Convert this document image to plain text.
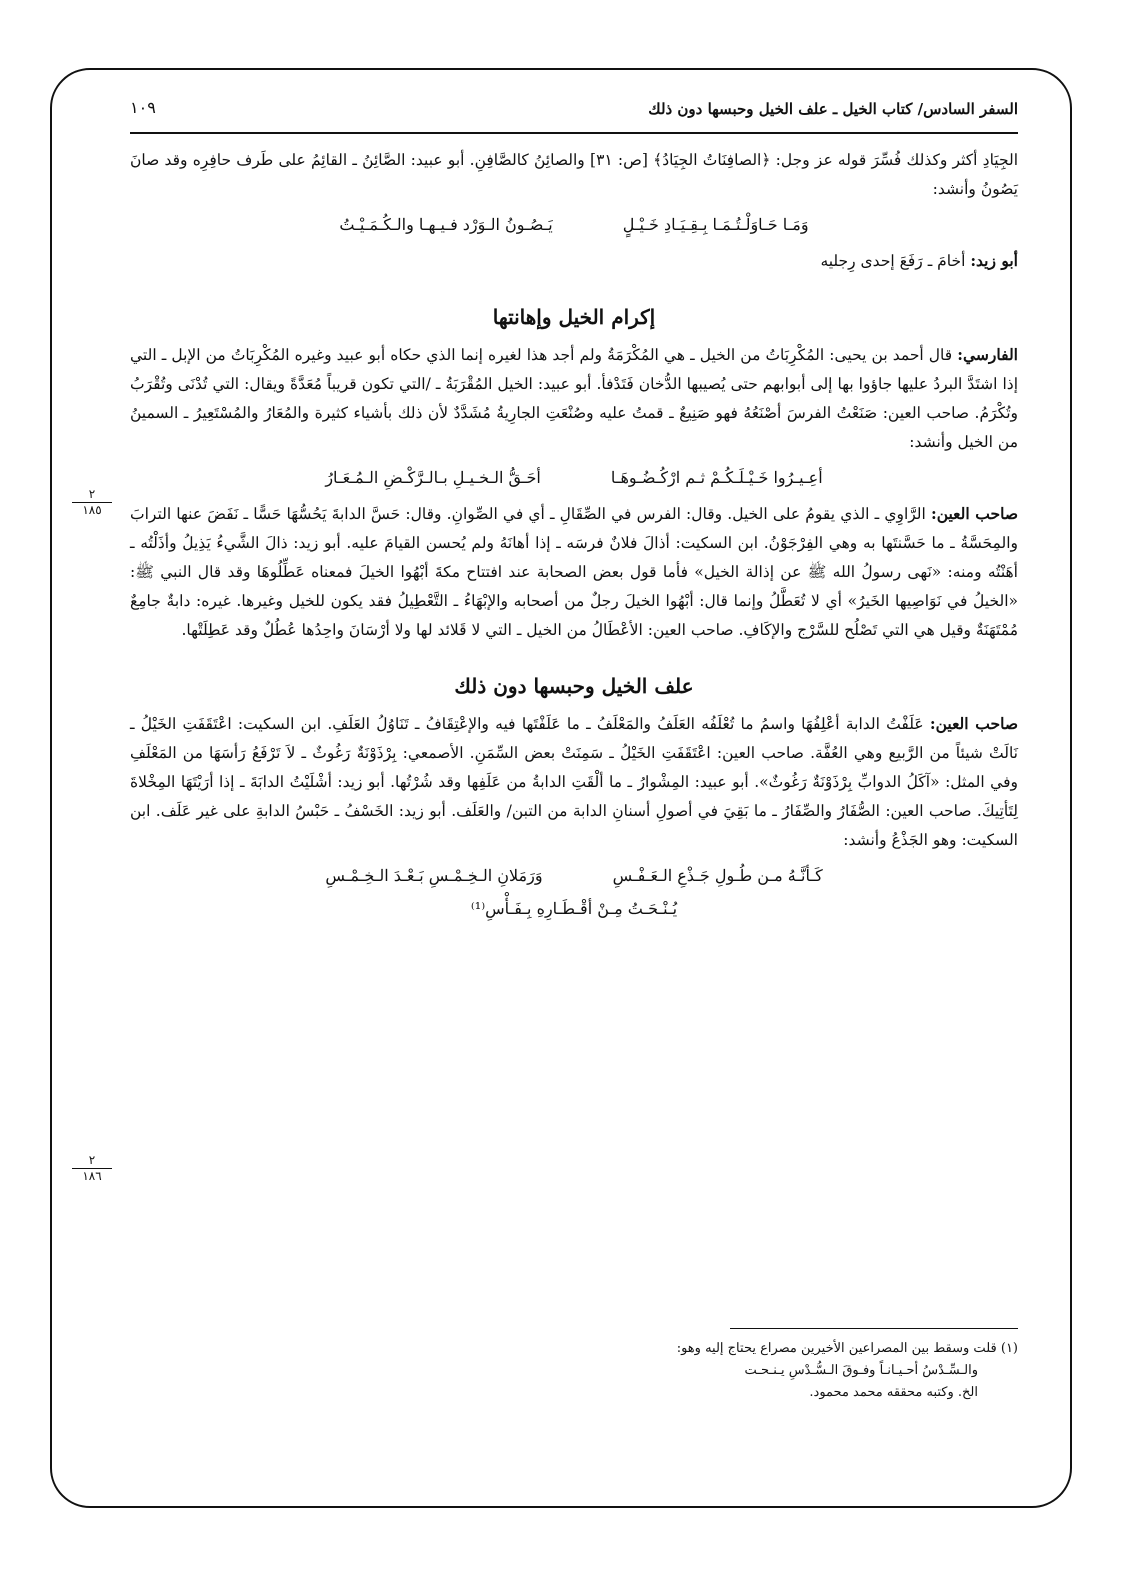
السفر السادس/ كتاب الخيل ـ علف الخيل وحبسها دون ذلك
١٠٩

الجِيَادِ أكثر وكذلك فُسِّرَ قوله عز وجل: ﴿الصافِنَاتُ الجِيَادُ﴾ [ص: ٣١] والصائِنُ كالصَّافِنِ. أبو عبيد: الصَّائِنُ ـ القائِمُ على طَرف حافِرِه وقد صانَ يَصُونُ وأنشد:

وَمَـا حَـاوَلْـتُـمَـا بِـقِـيَـادِ خَـيْـلٍ
يَـصُـونُ الـوَرْد فـيـهـا والـكُـمَـيْـتُ

أبو زيد: أخامَ ـ رَفَعَ إحدى رِجليه

إكرام الخيل وإهانتها

الفارسي: قال أحمد بن يحيى: المُكْرِبَاتُ من الخيل ـ هي المُكْرَمَةُ ولم أجد هذا لغيره إنما الذي حكاه أبو عبيد وغيره المُكْرِبَاتُ من الإبل ـ التي إذا اشتَدَّ البردُ عليها جاؤوا بها إلى أبوابهم حتى يُصيبها الدُّخان فَتَدْفأ. أبو عبيد: الخيل المُقْرَبَةُ ـ /التي تكون قريباً مُعَدَّةً ويقال: التي تُدْنَى وتُقْرَبُ وتُكْرَمُ. صاحب العين: صَنَعْتُ الفرسَ أصْنَعُهُ فهو صَنِيعٌ ـ قمتُ عليه وصُنْعَتِ الجارِيةُ مُشَدَّدٌ لأن ذلك بأشياء كثيرة والمُعَارُ والمُسْتَعِيرُ ـ السمينُ من الخيل وأنشد:

أعِـيـرُوا خَـيْـلَـكُـمْ ثـم ارْكُـضُـوهَـا
أحَـقُّ الـخـيـلِ بـالـرَّكْـضِ الـمُـعَـارُ

صاحب العين: الرَّاوِي ـ الذي يقومُ على الخيل. وقال: الفرس في الصِّقَالِ ـ أي في الصِّوانِ. وقال: حَسَّ الدابةَ يَحُسُّهَا حَسًّا ـ نَفَضَ عنها الترابَ والمِحَسَّةُ ـ ما حَسَّنتَها به وهي الفِرْجَوْنُ. ابن السكيت: أذالَ فلانٌ فرسَه ـ إذا أهانَهُ ولم يُحسن القيامَ عليه. أبو زيد: ذالَ الشَّيءُ يَذِيلُ وأذَلْتُه ـ أهَنْتُه ومنه: «نَهى رسولُ الله ﷺ عن إذالة الخيل» فأما قول بعض الصحابة عند افتتاح مكةَ أبْهُوا الخيلَ فمعناه عَطِّلُوهَا وقد قال النبي ﷺ: «الخيلُ في نَوَاصِيها الخَيرُ» أي لا تُعَطَّلُ وإنما قال: أبْهُوا الخيلَ رجلٌ من أصحابه والإبْهَاءُ ـ التَّعْطِيلُ فقد يكون للخيل وغيرها. غيره: دابةٌ جامِعٌ مُمْتَهَنَةٌ وقيل هي التي تَصْلُح للسَّرْج والإكَافِ. صاحب العين: الأعْطَالُ من الخيل ـ التي لا قَلائد لها ولا أرْسَانَ واحِدُها عُطُلٌ وقد عَطِلَتْها.

علف الخيل وحبسها دون ذلك

صاحب العين: عَلَفْتُ الدابة أعْلِفُهَا واسمُ ما تُعْلَفُه العَلَفُ والمَعْلَفُ ـ ما عَلَفْتَها فيه والإعْتِقَافُ ـ تَنَاوُلُ العَلَفِ. ابن السكيت: اعْتَقَفَتِ الخَيْلُ ـ نَالَتْ شيئاً من الرَّبيع وهي العُفَّة. صاحب العين: اعْتَقَفَتِ الخَيْلُ ـ سَمِنَتْ بعض السِّمَنِ. الأصمعي: بِرْذَوْنَةٌ رَغُوثٌ ـ لاَ تَرْفَعُ رَأسَهَا من المَعْلَفِ وفي المثل: «آكَلُ الدوابِّ بِرْذَوْنَةٌ رَغُوثٌ». أبو عبيد: المِشْوارُ ـ ما ألْقَتِ الدابةُ من عَلَفِها وقد شُرْتُها. أبو زيد: أشْلَيْتُ الدابَةَ ـ إذا أرَيْتَهَا المِخْلاةَ لِتَأتِيكَ. صاحب العين: الصُّفَارُ والصِّفَارُ ـ ما بَقِيَ في أصولِ أسنانِ الدابة من التبن/ والعَلَف. أبو زيد: الخَسْفُ ـ حَبْسُ الدابةِ على غير عَلَف. ابن السكيت: وهو الجَذْعُ وأنشد:

كَـأنَّـهُ مـن طُـولِ جَـذْعِ الـعَـفْـسِ
وَرَمَلانِ الـخِـمْـسِ بَـعْـدَ الـخِـمْـسِ
يُـنْـحَـتُ مِـنْ أقْـطَـارِهِ بِـفَـأْسِ⁽¹⁾
٢
١٨٥
٢
١٨٦
(١) قلت وسقط بين المصراعين الأخيرين مصراع يحتاج إليه وهو:
والـسِّـدْسُ أحـيـانـاً وفـوقَ الـسُّـدْسِ يـنـحـت
الخ. وكتبه محققه محمد محمود.
